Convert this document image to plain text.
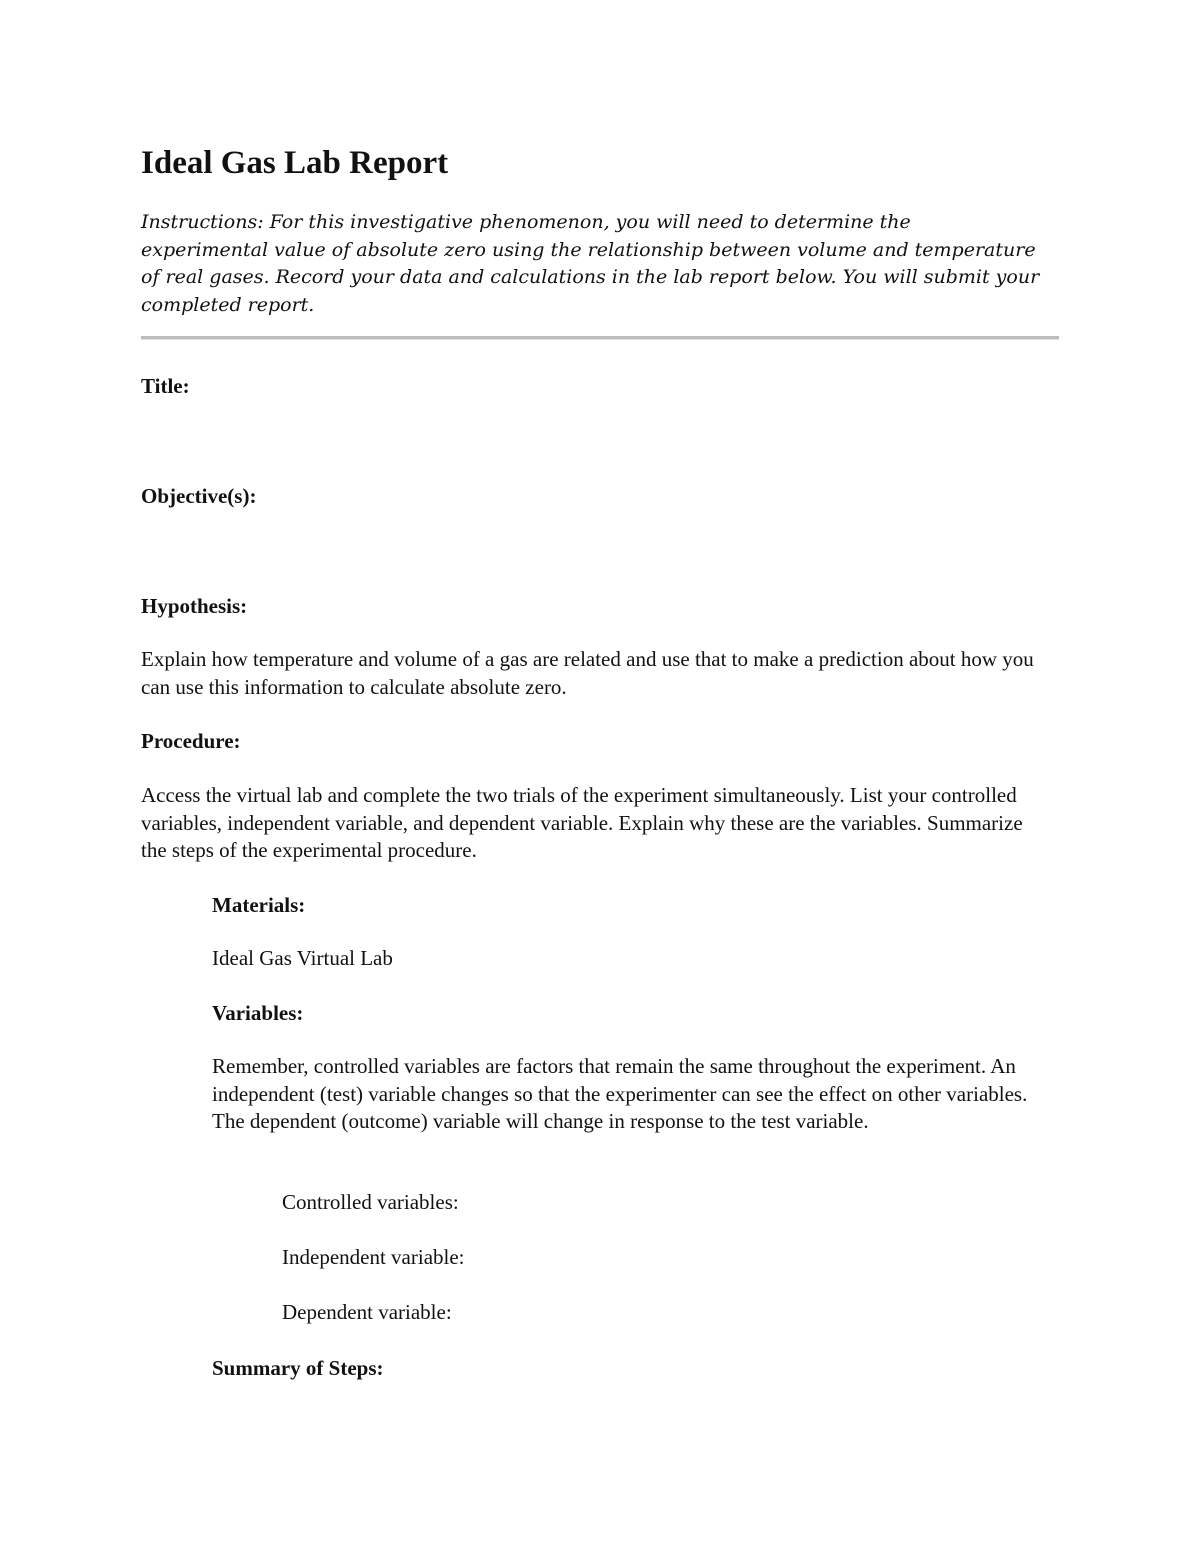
Ideal Gas Lab Report

Instructions: For this investigative phenomenon, you will need to determine the experimental value of absolute zero using the relationship between volume and temperature of real gases. Record your data and calculations in the lab report below. You will submit your completed report.

Title:

Objective(s):

Hypothesis:

Explain how temperature and volume of a gas are related and use that to make a prediction about how you can use this information to calculate absolute zero.

Procedure:

Access the virtual lab and complete the two trials of the experiment simultaneously. List your controlled variables, independent variable, and dependent variable. Explain why these are the variables. Summarize the steps of the experimental procedure.

Materials:

Ideal Gas Virtual Lab

Variables:

Remember, controlled variables are factors that remain the same throughout the experiment. An independent (test) variable changes so that the experimenter can see the effect on other variables. The dependent (outcome) variable will change in response to the test variable.

Controlled variables:

Independent variable:

Dependent variable:

Summary of Steps:
